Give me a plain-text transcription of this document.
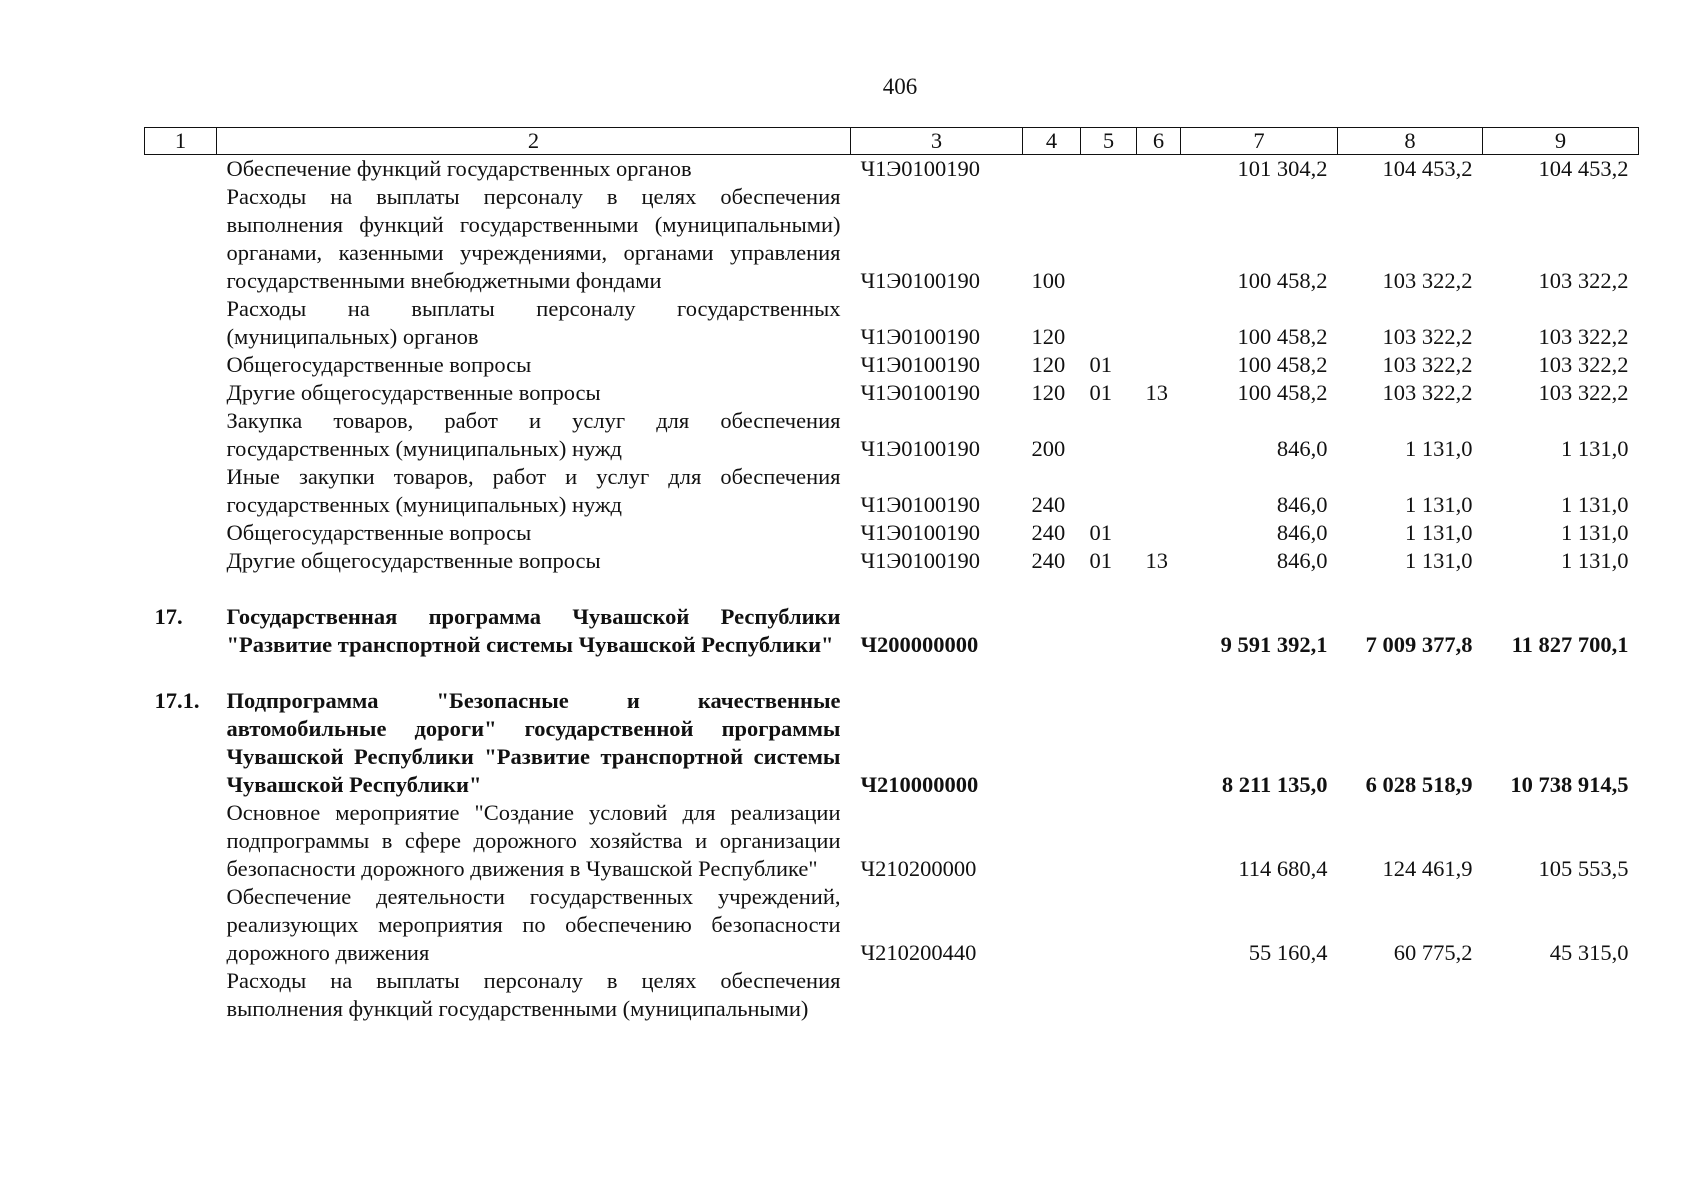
406
1	2	3	4	5	6	7	8	9
	Обеспечение функций государственных органов	Ч1Э0100190				101 304,2	104 453,2	104 453,2
	Расходы на выплаты персоналу в целях обеспечения выполнения функций государственными (муниципальными) органами, казенными учреждениями, органами управления государственными внебюджетными фондами	Ч1Э0100190	100			100 458,2	103 322,2	103 322,2
	Расходы на выплаты персоналу государственных (муниципальных) органов	Ч1Э0100190	120			100 458,2	103 322,2	103 322,2
	Общегосударственные вопросы	Ч1Э0100190	120	01		100 458,2	103 322,2	103 322,2
	Другие общегосударственные вопросы	Ч1Э0100190	120	01	13	100 458,2	103 322,2	103 322,2
	Закупка товаров, работ и услуг для обеспечения государственных (муниципальных) нужд	Ч1Э0100190	200			846,0	1 131,0	1 131,0
	Иные закупки товаров, работ и услуг для обеспечения государственных (муниципальных) нужд	Ч1Э0100190	240			846,0	1 131,0	1 131,0
	Общегосударственные вопросы	Ч1Э0100190	240	01		846,0	1 131,0	1 131,0
	Другие общегосударственные вопросы	Ч1Э0100190	240	01	13	846,0	1 131,0	1 131,0

17.	Государственная программа Чувашской Республики "Развитие транспортной системы Чувашской Республики"	Ч200000000				9 591 392,1	7 009 377,8	11 827 700,1

17.1.	Подпрограмма "Безопасные и качественные автомобильные дороги" государственной программы Чувашской Республики "Развитие транспортной системы Чувашской Республики"	Ч210000000				8 211 135,0	6 028 518,9	10 738 914,5
	Основное мероприятие "Создание условий для реализации подпрограммы в сфере дорожного хозяйства и организации безопасности дорожного движения в Чувашской Республике"	Ч210200000				114 680,4	124 461,9	105 553,5
	Обеспечение деятельности государственных учреждений, реализующих мероприятия по обеспечению безопасности дорожного движения	Ч210200440				55 160,4	60 775,2	45 315,0
	Расходы на выплаты персоналу в целях обеспечения выполнения функций государственными (муниципальными)							
